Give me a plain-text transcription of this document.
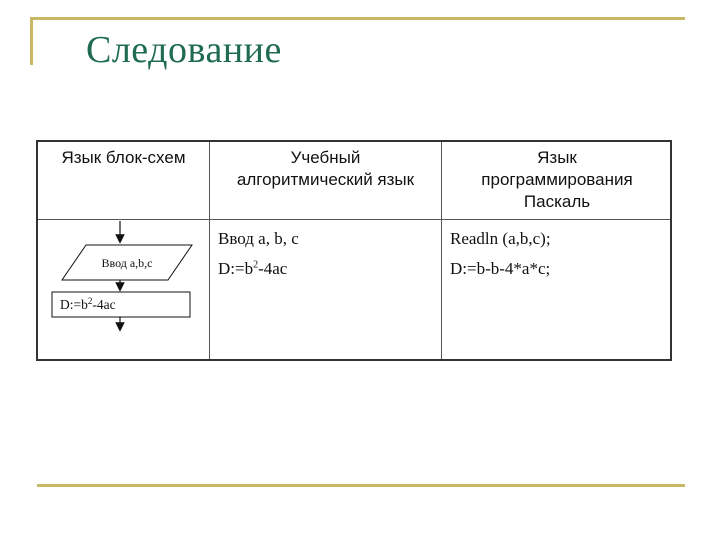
Следование
Язык блок-схем	Учебный
алгоритмический язык
Язык
программирования
Паскаль
Ввод a,b,c
$D:=b^2-4ac$
Ввод a, b, c
$D:=b^2-4ac$
Readln (a,b,c);
D:=b-b-4*a*c;
